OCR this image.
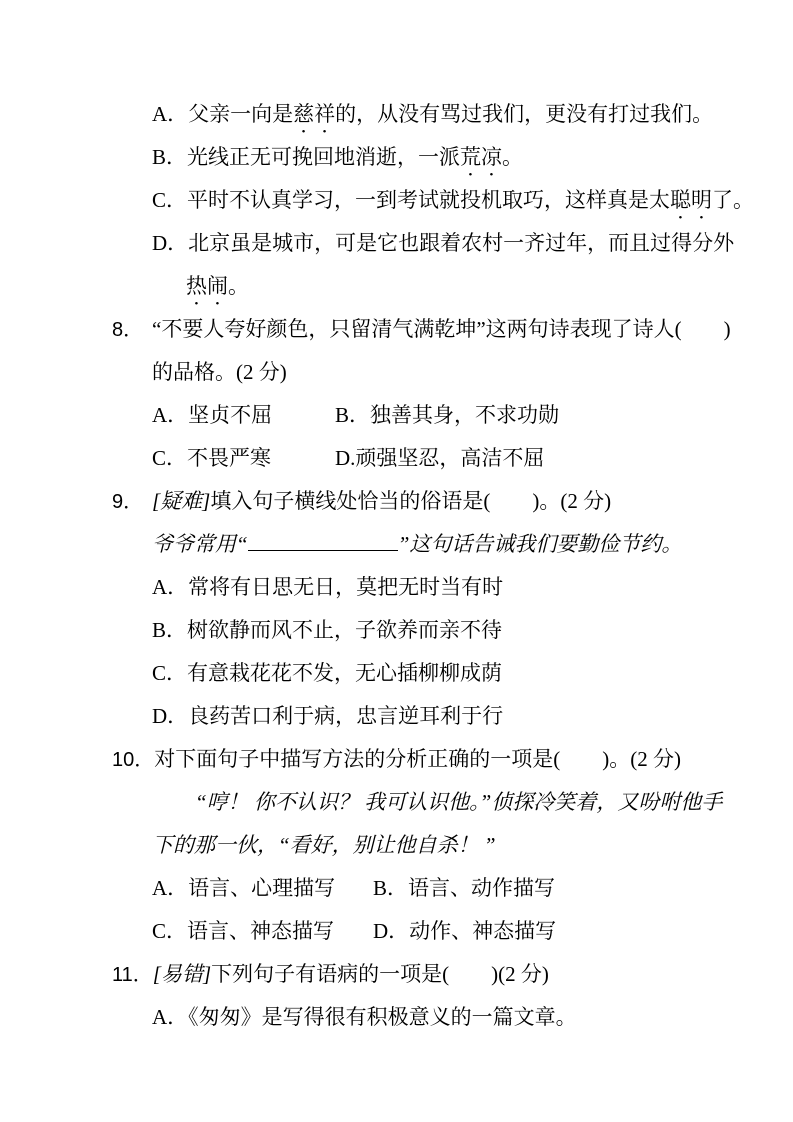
A．父亲一向是慈祥的，从没有骂过我们，更没有打过我们。
B．光线正无可挽回地消逝，一派荒凉。
C．平时不认真学习，一到考试就投机取巧，这样真是太聪明了。
D．北京虽是城市，可是它也跟着农村一齐过年，而且过得分外
热闹。
8． “不要人夸好颜色，只留清气满乾坤”这两句诗表现了诗人(        )
的品格。(2 分)
A．坚贞不屈	B．独善其身，不求功勋
C．不畏严寒	D.顽强坚忍，高洁不屈
9． [疑难]填入句子横线处恰当的俗语是(        )。(2 分)
爷爷常用“	”这句话告诫我们要勤俭节约。
A．常将有日思无日，莫把无时当有时
B．树欲静而风不止，子欲养而亲不待
C．有意栽花花不发，无心插柳柳成荫
D．良药苦口利于病，忠言逆耳利于行
10．对下面句子中描写方法的分析正确的一项是(        )。(2 分)
“哼！ 你不认识？ 我可认识他。”侦探冷笑着，又吩咐他手
下的那一伙，“看好，别让他自杀！ ”
A．语言、心理描写 B．语言、动作描写
C．语言、神态描写 D．动作、神态描写
11．[易错]下列句子有语病的一项是(        )(2 分)
A．《匆匆》是写得很有积极意义的一篇文章。
